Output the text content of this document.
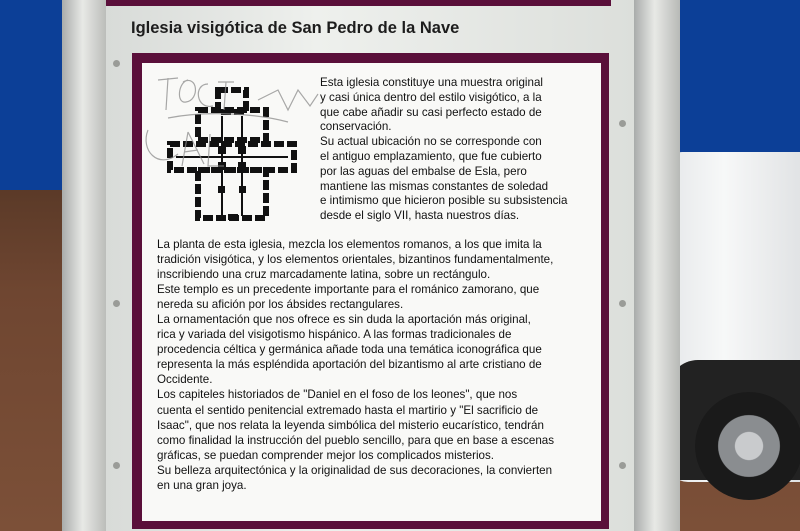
Iglesia visigótica de San Pedro de la Nave

Esta iglesia constituye una muestra original
y casi única dentro del estilo visigótico, a la
que cabe añadir su casi perfecto estado de
conservación.
Su actual ubicación no se corresponde con
el antiguo emplazamiento, que fue cubierto
por las aguas del embalse de Esla, pero
mantiene las mismas constantes de soledad
e intimismo que hicieron posible su subsistencia
desde el siglo VII, hasta nuestros días.

La planta de esta iglesia, mezcla los elementos romanos, a los que imita la
tradición visigótica, y los elementos orientales, bizantinos fundamentalmente,
inscribiendo una cruz marcadamente latina, sobre un rectángulo.
Este templo es un precedente importante para el románico zamorano, que
nereda su afición por los ábsides rectangulares.
La ornamentación que nos ofrece es sin duda la aportación más original,
rica y variada del visigotismo hispánico. A las formas tradicionales de
procedencia céltica y germánica añade toda una temática iconográfica que
representa la más espléndida aportación del bizantismo al arte cristiano de
Occidente.
Los capiteles historiados de "Daniel en el foso de los leones", que nos
cuenta el sentido penitencial extremado hasta el martirio y "El sacrificio de
Isaac", que nos relata la leyenda simbólica del misterio eucarístico, tendrán
como finalidad la instrucción del pueblo sencillo, para que en base a escenas
gráficas, se puedan comprender mejor los complicados misterios.
Su belleza arquitectónica y la originalidad de sus decoraciones, la convierten
en una gran joya.
